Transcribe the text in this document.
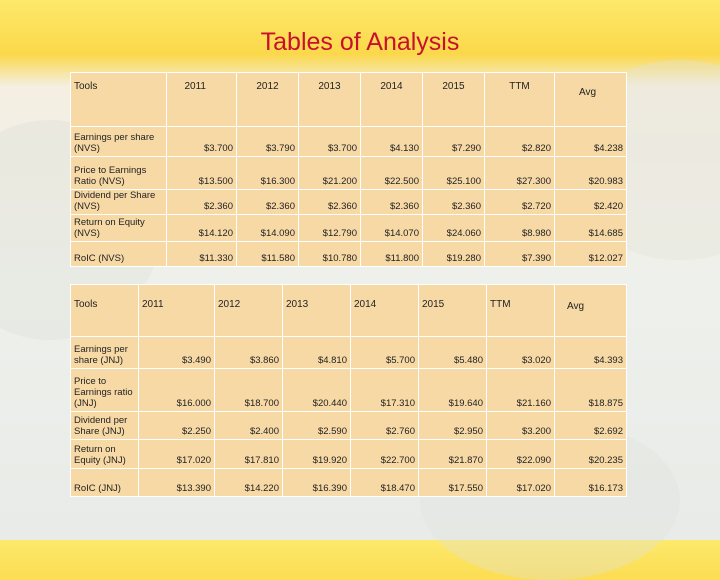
Tables of Analysis
Tools	2011	2012	2013	2014	2015	TTM	Avg
Earnings per share (NVS)	$3.700	$3.790	$3.700	$4.130	$7.290	$2.820	$4.238
Price to Earnings Ratio (NVS)	$13.500	$16.300	$21.200	$22.500	$25.100	$27.300	$20.983
Dividend per Share (NVS)	$2.360	$2.360	$2.360	$2.360	$2.360	$2.720	$2.420
Return on Equity (NVS)	$14.120	$14.090	$12.790	$14.070	$24.060	$8.980	$14.685
RoIC (NVS)	$11.330	$11.580	$10.780	$11.800	$19.280	$7.390	$12.027
Tools	2011	2012	2013	2014	2015	TTM	Avg
Earnings per share (JNJ)	$3.490	$3.860	$4.810	$5.700	$5.480	$3.020	$4.393
Price to Earnings ratio (JNJ)	$16.000	$18.700	$20.440	$17.310	$19.640	$21.160	$18.875
Dividend per Share (JNJ)	$2.250	$2.400	$2.590	$2.760	$2.950	$3.200	$2.692
Return on Equity (JNJ)	$17.020	$17.810	$19.920	$22.700	$21.870	$22.090	$20.235
RoIC (JNJ)	$13.390	$14.220	$16.390	$18.470	$17.550	$17.020	$16.173
